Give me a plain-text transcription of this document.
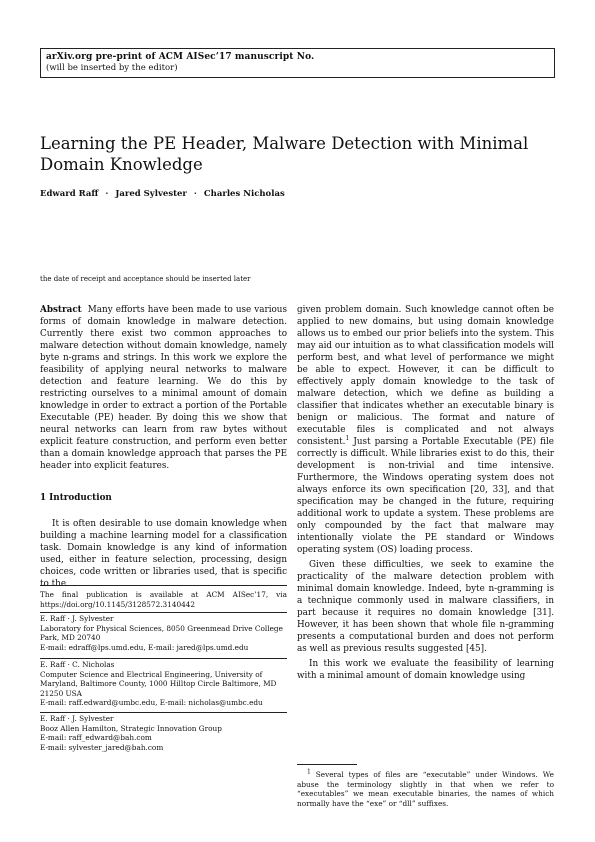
arXiv.org pre-print of ACM AISec’17 manuscript No.
(will be inserted by the editor)
Learning the PE Header, Malware Detection with Minimal Domain Knowledge
Edward Raff · Jared Sylvester · Charles Nicholas
the date of receipt and acceptance should be inserted later

Abstract Many efforts have been made to use various forms of domain knowledge in malware detection. Currently there exist two common approaches to malware detection without domain knowledge, namely byte n-grams and strings. In this work we explore the feasibility of applying neural networks to malware detection and feature learning. We do this by restricting ourselves to a minimal amount of domain knowledge in order to extract a portion of the Portable Executable (PE) header. By doing this we show that neural networks can learn from raw bytes without explicit feature construction, and perform even better than a domain knowledge approach that parses the PE header into explicit features.

1 Introduction

It is often desirable to use domain knowledge when building a machine learning model for a classification task. Domain knowledge is any kind of information used, either in feature selection, processing, design choices, code written or libraries used, that is specific to the

The final publication is available at ACM AISec’17, via https://doi.org/10.1145/3128572.3140442
E. Raff · J. Sylvester
Laboratory for Physical Sciences, 8050 Greenmead Drive College Park, MD 20740
E-mail: edraff@lps.umd.edu, E-mail: jared@lps.umd.edu
E. Raff · C. Nicholas
Computer Science and Electrical Engineering, University of Maryland, Baltimore County, 1000 Hilltop Circle Baltimore, MD 21250 USA
E-mail: raff.edward@umbc.edu, E-mail: nicholas@umbc.edu
E. Raff · J. Sylvester
Booz Allen Hamilton, Strategic Innovation Group
E-mail: raff_edward@bah.com
E-mail: sylvester_jared@bah.com

given problem domain. Such knowledge cannot often be applied to new domains, but using domain knowledge allows us to embed our prior beliefs into the system. This may aid our intuition as to what classification models will perform best, and what level of performance we might be able to expect. However, it can be difficult to effectively apply domain knowledge to the task of malware detection, which we define as building a classifier that indicates whether an executable binary is benign or malicious. The format and nature of executable files is complicated and not always consistent.$^1$ Just parsing a Portable Executable (PE) file correctly is difficult. While libraries exist to do this, their development is non-trivial and time intensive. Furthermore, the Windows operating system does not always enforce its own specification [20, 33], and that specification may be changed in the future, requiring additional work to update a system. These problems are only compounded by the fact that malware may intentionally violate the PE standard or Windows operating system (OS) loading process.

Given these difficulties, we seek to examine the practicality of the malware detection problem with minimal domain knowledge. Indeed, byte n-gramming is a technique commonly used in malware classifiers, in part because it requires no domain knowledge [31]. However, it has been shown that whole file n-gramming presents a computational burden and does not perform as well as previous results suggested [45].

In this work we evaluate the feasibility of learning with a minimal amount of domain knowledge using

$^1$ Several types of files are “executable” under Windows. We abuse the terminology slightly in that when we refer to “executables” we mean executable binaries, the names of which normally have the “exe” or “dll” suffixes.
